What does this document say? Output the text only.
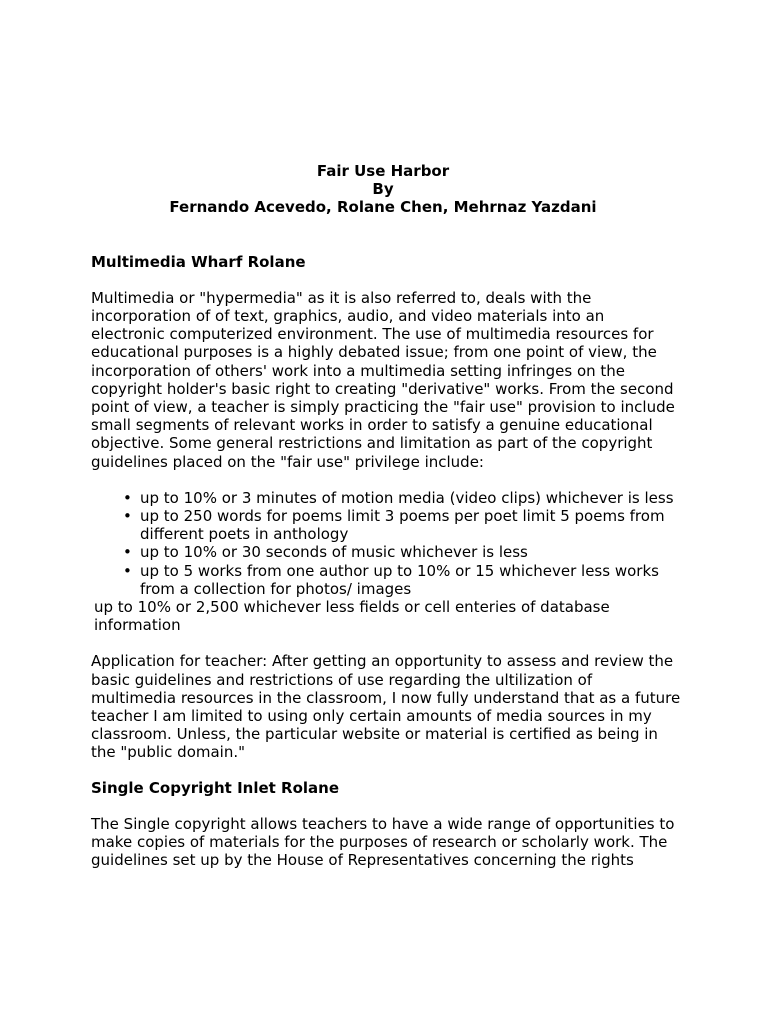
Fair Use Harbor
By
Fernando Acevedo, Rolane Chen, Mehrnaz Yazdani
Multimedia Wharf Rolane

Multimedia or "hypermedia" as it is also referred to, deals with the incorporation of of text, graphics, audio, and video materials into an electronic computerized environment. The use of multimedia resources for educational purposes is a highly debated issue; from one point of view, the incorporation of others' work into a multimedia setting infringes on the copyright holder's basic right to creating "derivative" works. From the second point of view, a teacher is simply practicing the "fair use" provision to include small segments of relevant works in order to satisfy a genuine educational objective. Some general restrictions and limitation as part of the copyright guidelines placed on the "fair use" privilege include:

• up to 10% or 3 minutes of motion media (video clips) whichever is less
• up to 250 words for poems limit 3 poems per poet limit 5 poems from different poets in anthology
• up to 10% or 30 seconds of music whichever is less
• up to 5 works from one author up to 10% or 15 whichever less works from a collection for photos/ images

up to 10% or 2,500 whichever less fields or cell enteries of database information

Application for teacher: After getting an opportunity to assess and review the basic guidelines and restrictions of use regarding the ultilization of multimedia resources in the classroom, I now fully understand that as a future teacher I am limited to using only certain amounts of media sources in my classroom. Unless, the particular website or material is certified as being in the "public domain."

Single Copyright Inlet Rolane

The Single copyright allows teachers to have a wide range of opportunities to make copies of materials for the purposes of research or scholarly work. The guidelines set up by the House of Representatives concerning the rights
